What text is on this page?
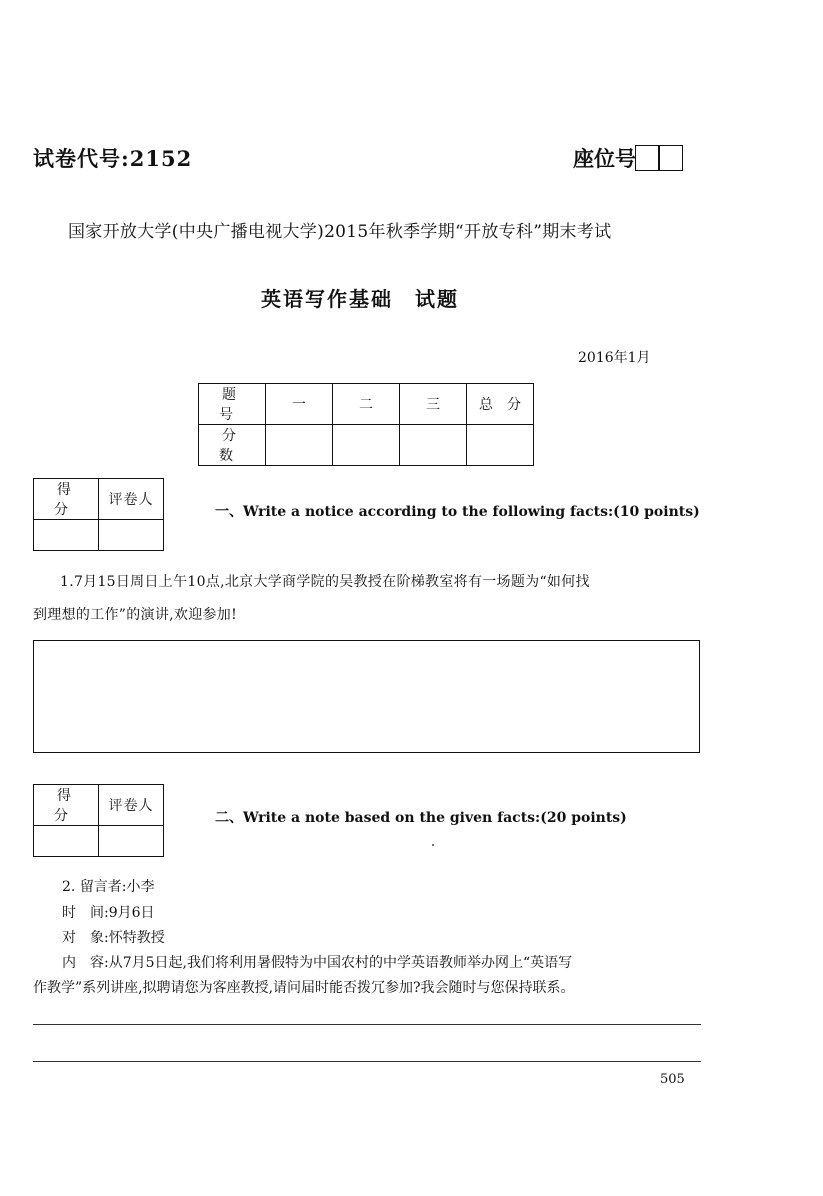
试卷代号:2152	座位号
国家开放大学(中央广播电视大学)2015年秋季学期“开放专科”期末考试
英语写作基础　试题
2016年1月
题　号	一	二	三	总　分
分　数				
得　分	评卷人

一、Write a notice according to the following facts:(10 points)
1.7月15日周日上午10点,北京大学商学院的吴教授在阶梯教室将有一场题为“如何找
到理想的工作”的演讲,欢迎参加!
得　分	评卷人

二、Write a note based on the given facts:(20 points)
2. 留言者:小李
时　间:9月6日
对　象:怀特教授
内　容:从7月5日起,我们将利用暑假特为中国农村的中学英语教师举办网上“英语写
作教学”系列讲座,拟聘请您为客座教授,请问届时能否拨冗参加?我会随时与您保持联系。
505
